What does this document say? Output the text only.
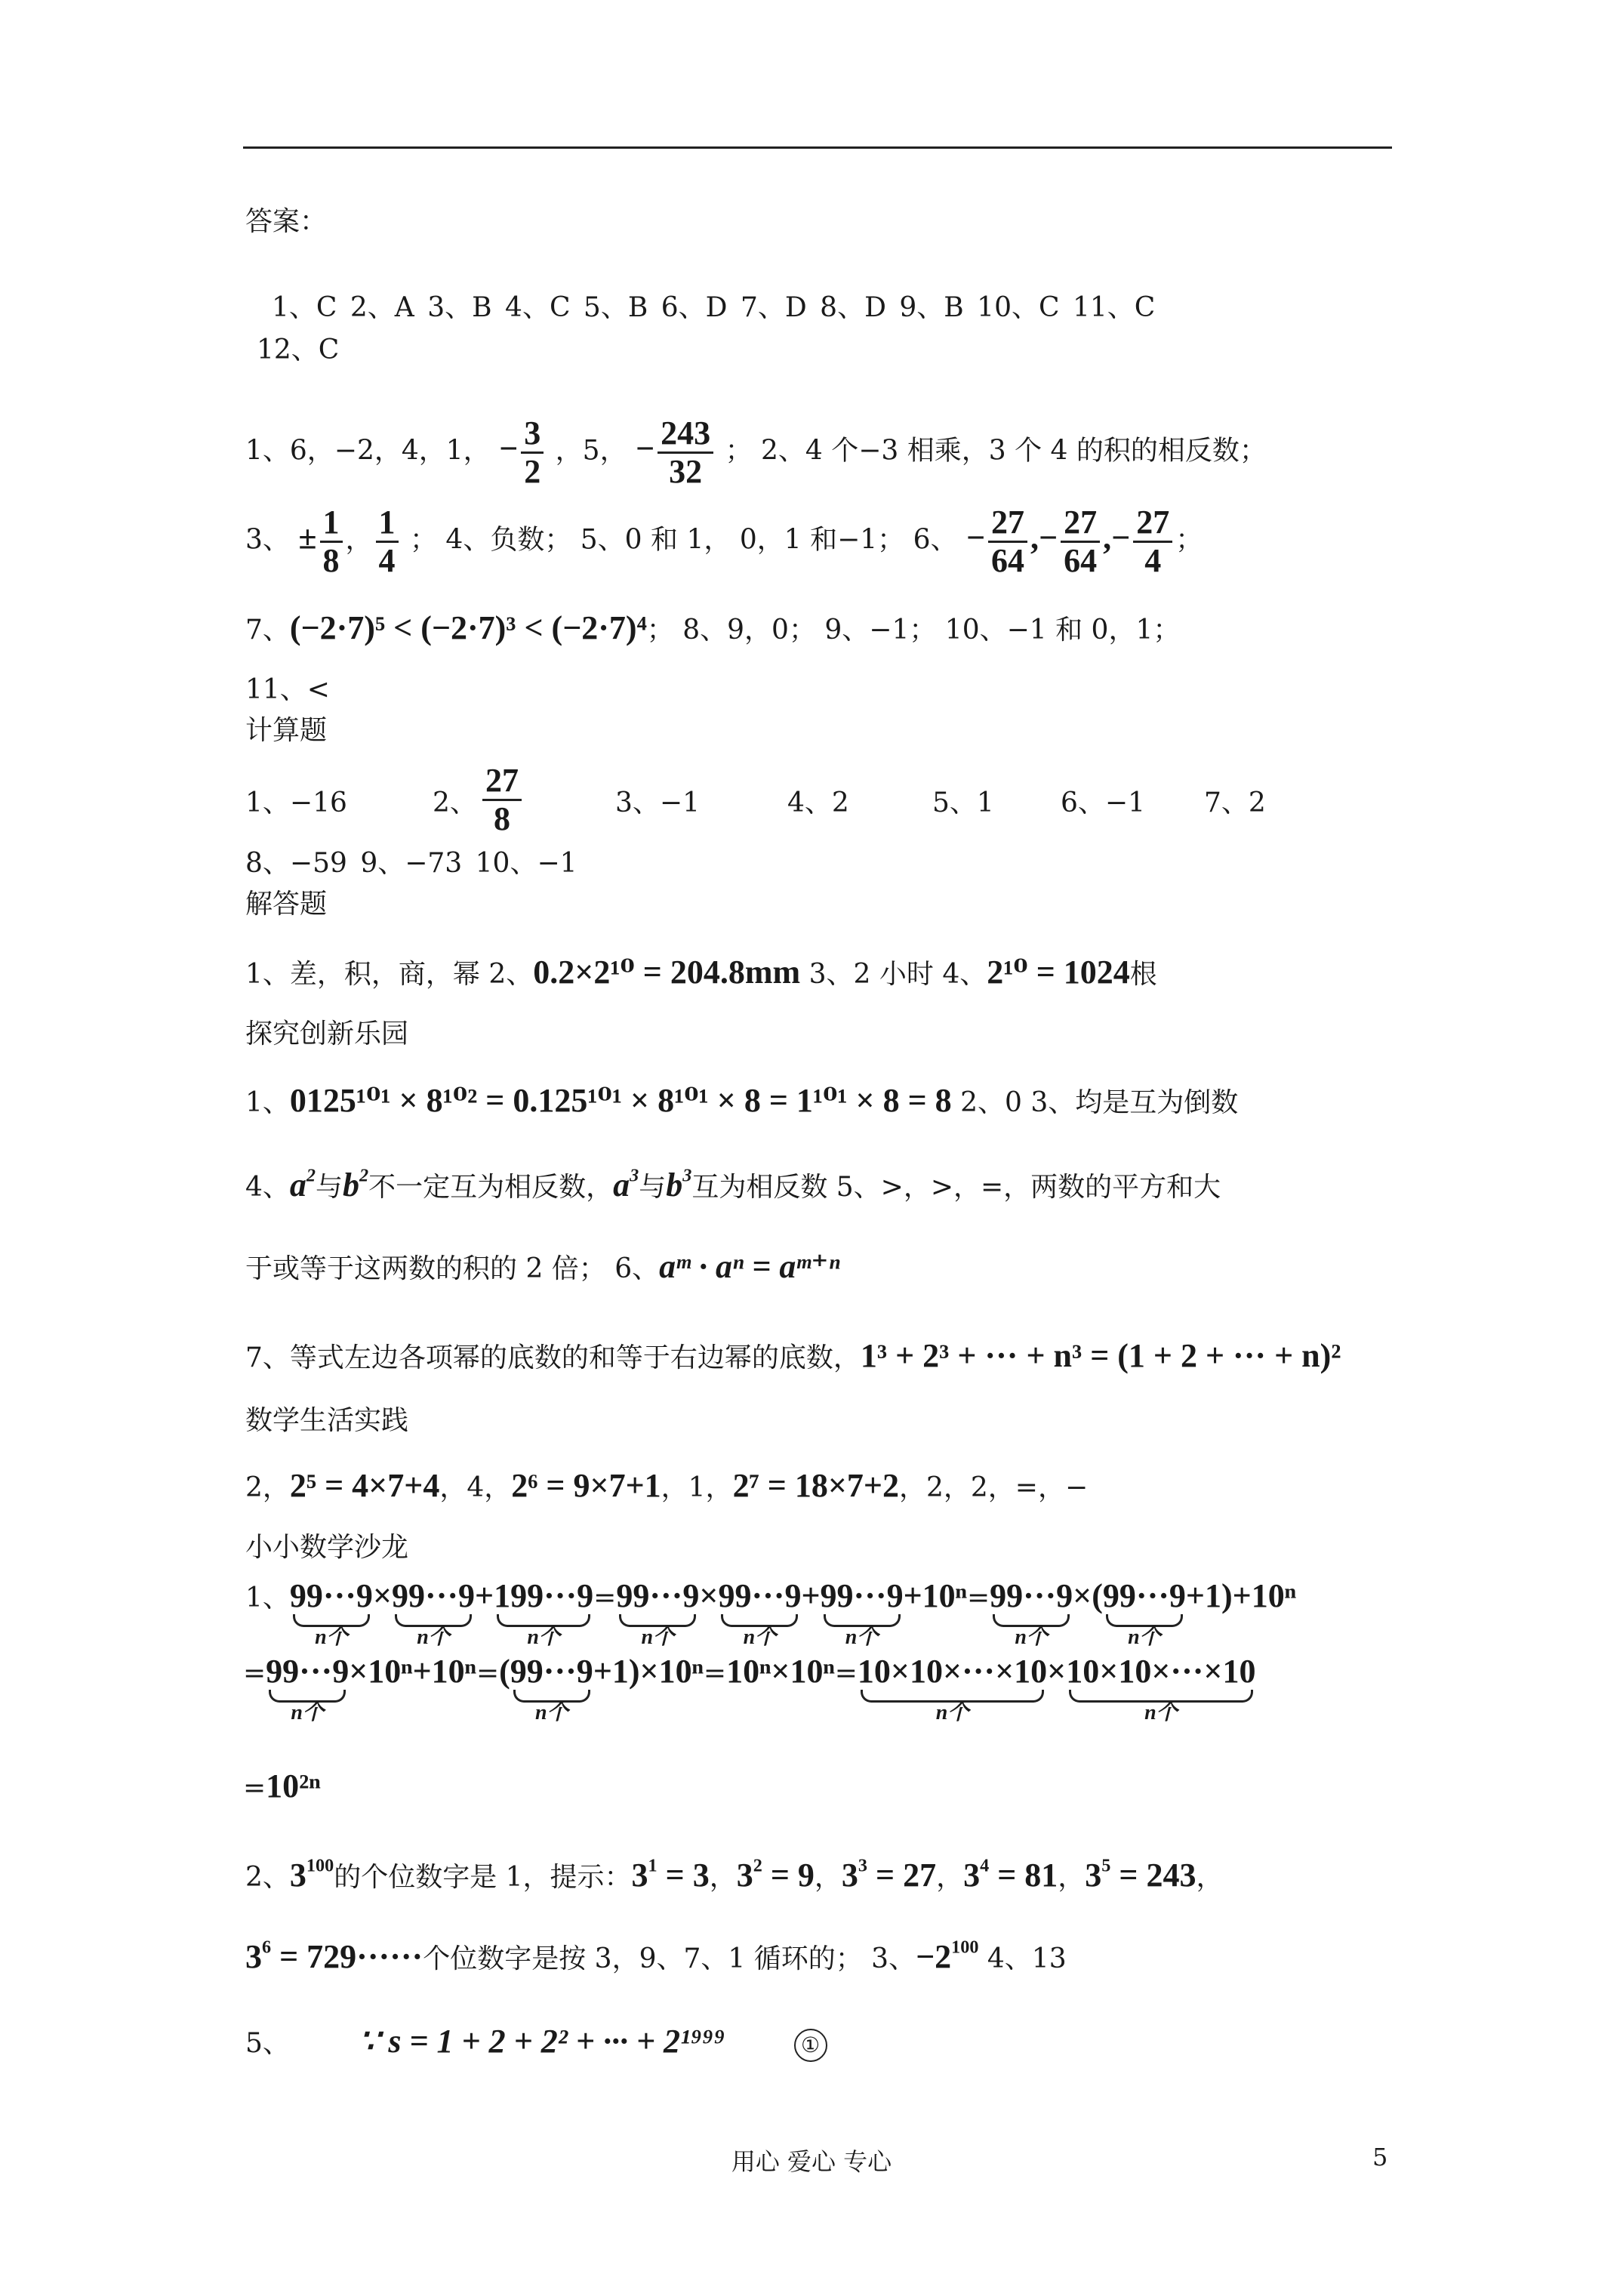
答案：
1、C 2、A 3、B 4、C 5、B 6、D 7、D 8、D 9、B 10、C 11、C
12、C
1、6，−2，4，1， − $\frac{3}{2}$ ，5， − $\frac{243}{32}$ ； 2、4 个−3 相乘，3 个 4 的积的相反数；
3、 ± $\frac{1}{8}$ ， $\frac{1}{4}$ ； 4、负数； 5、0 和 1， 0，1 和−1； 6、 − $\frac{27}{64}$ ,− $\frac{27}{64}$ ,− $\frac{27}{4}$ ；
7、(−2·7)⁵ < (−2·7)³ < (−2·7)⁴； 8、9，0； 9、−1； 10、−1 和 0，1；
11、<
计算题
1、−16	2、 $\frac{27}{8}$	3、−1	4、2	5、1 6、−1 7、2
8、−59 9、−73 10、−1
解答题
1、差，积，商，幂 2、0.2×2¹⁰ = 204.8mm 3、2 小时 4、2¹⁰ = 1024根
探究创新乐园
1、0125¹⁰¹ × 8¹⁰² = 0.125¹⁰¹ × 8¹⁰¹ × 8 = 1¹⁰¹ × 8 = 8 2、0 3、均是互为倒数
4、$a^2$与$b^2$不一定互为相反数，$a^3$与$b^3$互为相反数 5、>，>，=，两数的平方和大
于或等于这两数的积的 2 倍； 6、aᵐ · aⁿ = aᵐ⁺ⁿ
7、等式左边各项幂的底数的和等于右边幂的底数，1³ + 2³ + ··· + n³ = (1 + 2 + ··· + n)²
数学生活实践
2，2⁵ = 4×7+4，4，2⁶ = 9×7+1，1，2⁷ = 18×7+2，2，2，=，−
小小数学沙龙
1、 99···9
n个
× 99···9
n个
+ 199···9
n个
= 99···9
n个
× 99···9
n个
+ 99···9
n个
+10ⁿ= 99···9
n个
×( 99···9
n个
+1)+10ⁿ
= 99···9
n个
×10ⁿ+10ⁿ=( 99···9
n个
+1)×10ⁿ=10ⁿ×10ⁿ= 10×10×···×10
n个
× 10×10×···×10
n个
=10²ⁿ
2、$3^{100}$的个位数字是 1，提示：$3^1 = 3$，$3^2 = 9$，$3^3 = 27$，$3^4 = 81$，$3^5 = 243$，
$3^6 = 729\cdot\cdot\cdot\cdot\cdot\cdot$个位数字是按 3，9、7、1 循环的； 3、$-2^{100}$ 4、13
5、 ∵ s = 1 + 2 + 2² + ··· + 2¹⁹⁹⁹	①
用心 爱心 专心	5
